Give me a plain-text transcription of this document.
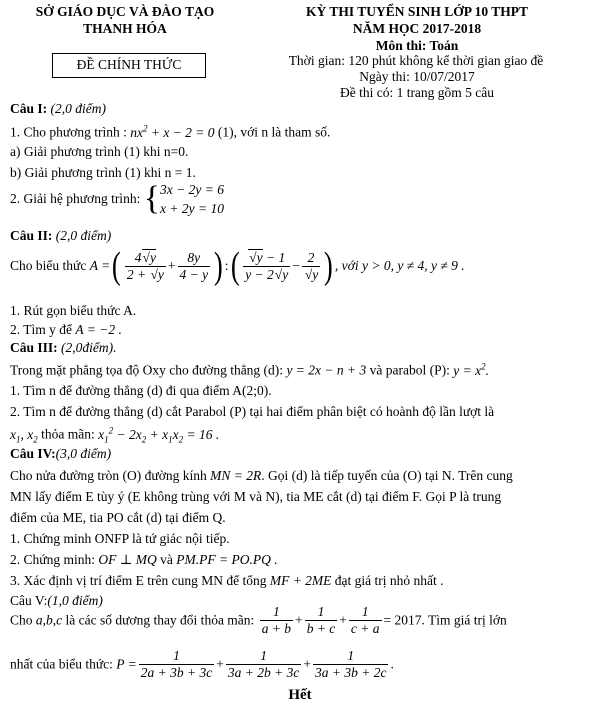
SỞ GIÁO DỤC VÀ ĐÀO TẠO
THANH HÓA
ĐỀ CHÍNH THỨC
KỲ THI TUYỂN SINH LỚP 10 THPT
NĂM HỌC 2017-2018
Môn thi: Toán
Thời gian: 120 phút không kể thời gian giao đề
Ngày thi: 10/07/2017
Đề thi có: 1 trang gồm 5 câu
Câu I: (2,0 điểm)
1. Cho phương trình : $nx^2 + x - 2 = 0$ (1), với n là tham số.
a) Giải phương trình (1) khi n=0.
b) Giải phương trình (1) khi n = 1.
2. Giải hệ phương trình: {3x − 2y = 6
x + 2y = 10
Câu II: (2,0 điểm)
Cho biểu thức A =( $\frac{4√y}{2 + √y} + \frac{8y}{4 - y}$ ) :( $\frac{√y - 1}{y - 2√y} - \frac{2}{√y}$ ) , với y > 0, y ≠ 4, y ≠ 9 .
1. Rút gọn biểu thức A.
2. Tìm y để A = −2 .
Câu III: (2,0điểm).
Trong mặt phẳng tọa độ Oxy cho đường thẳng (d): y = 2x − n + 3 và parabol (P): $y = x^2$.
1. Tìm n để đường thẳng (d) đi qua điểm A(2;0).
2. Tìm n để đường thẳng (d) cắt Parabol (P) tại hai điểm phân biệt có hoành độ lần lượt là
$x_1$, $x_2$ thỏa mãn: $x_1^2 - 2x_2 + x_1x_2 = 16$ .
Câu IV:(3,0 điểm)
Cho nửa đường tròn (O) đường kính MN = 2R. Gọi (d) là tiếp tuyến của (O) tại N. Trên cung
MN lấy điểm E tùy ý (E không trùng với M và N), tia ME cắt (d) tại điểm F. Gọi P là trung
điểm của ME, tia PO cắt (d) tại điểm Q.
1. Chứng minh ONFP là tứ giác nội tiếp.
2. Chứng minh: OF ⊥ MQ và PM.PF = PO.PQ .
3. Xác định vị trí điểm E trên cung MN để tổng MF + 2ME đạt giá trị nhỏ nhất .
Câu V:(1,0 điểm)
Cho a,b,c là các số dương thay đổi thỏa mãn: $\frac{1}{a + b} + \frac{1}{b + c} + \frac{1}{c + a} = 2017$. Tìm giá trị lớn
nhất của biểu thức: $P = \frac{1}{2a + 3b + 3c} + \frac{1}{3a + 2b + 3c} + \frac{1}{3a + 3b + 2c}$ .
Hết
